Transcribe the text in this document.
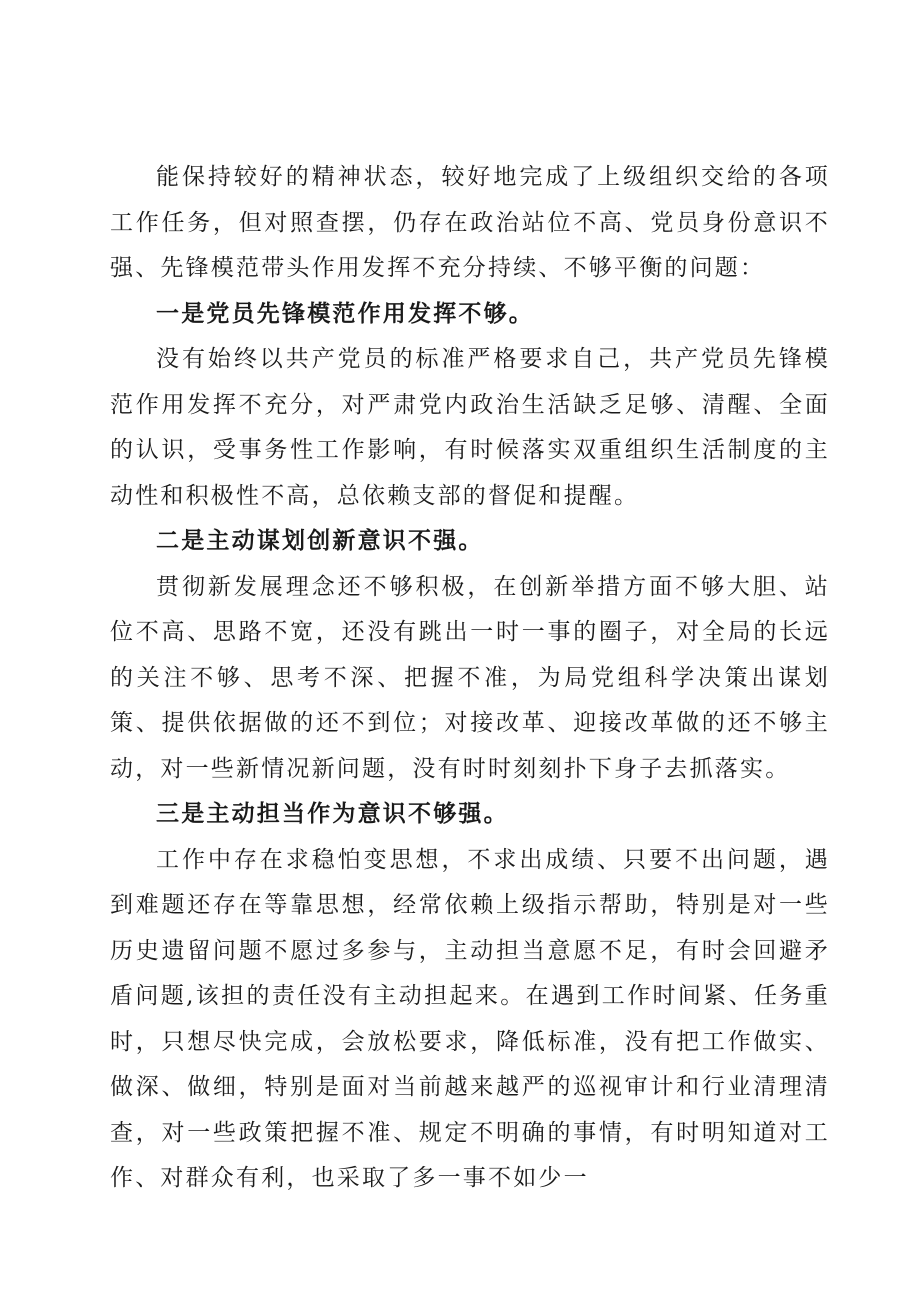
能保持较好的精神状态，较好地完成了上级组织交给的各项工作任务，但对照查摆，仍存在政治站位不高、党员身份意识不强、先锋模范带头作用发挥不充分持续、不够平衡的问题：

一是党员先锋模范作用发挥不够。

没有始终以共产党员的标准严格要求自己，共产党员先锋模范作用发挥不充分，对严肃党内政治生活缺乏足够、清醒、全面的认识，受事务性工作影响，有时候落实双重组织生活制度的主动性和积极性不高，总依赖支部的督促和提醒。

二是主动谋划创新意识不强。

贯彻新发展理念还不够积极，在创新举措方面不够大胆、站位不高、思路不宽，还没有跳出一时一事的圈子，对全局的长远的关注不够、思考不深、把握不准，为局党组科学决策出谋划策、提供依据做的还不到位；对接改革、迎接改革做的还不够主动，对一些新情况新问题，没有时时刻刻扑下身子去抓落实。

三是主动担当作为意识不够强。

工作中存在求稳怕变思想，不求出成绩、只要不出问题，遇到难题还存在等靠思想，经常依赖上级指示帮助，特别是对一些历史遗留问题不愿过多参与，主动担当意愿不足，有时会回避矛盾问题,该担的责任没有主动担起来。在遇到工作时间紧、任务重时，只想尽快完成，会放松要求，降低标准，没有把工作做实、做深、做细，特别是面对当前越来越严的巡视审计和行业清理清查，对一些政策把握不准、规定不明确的事情，有时明知道对工作、对群众有利，也采取了多一事不如少一
